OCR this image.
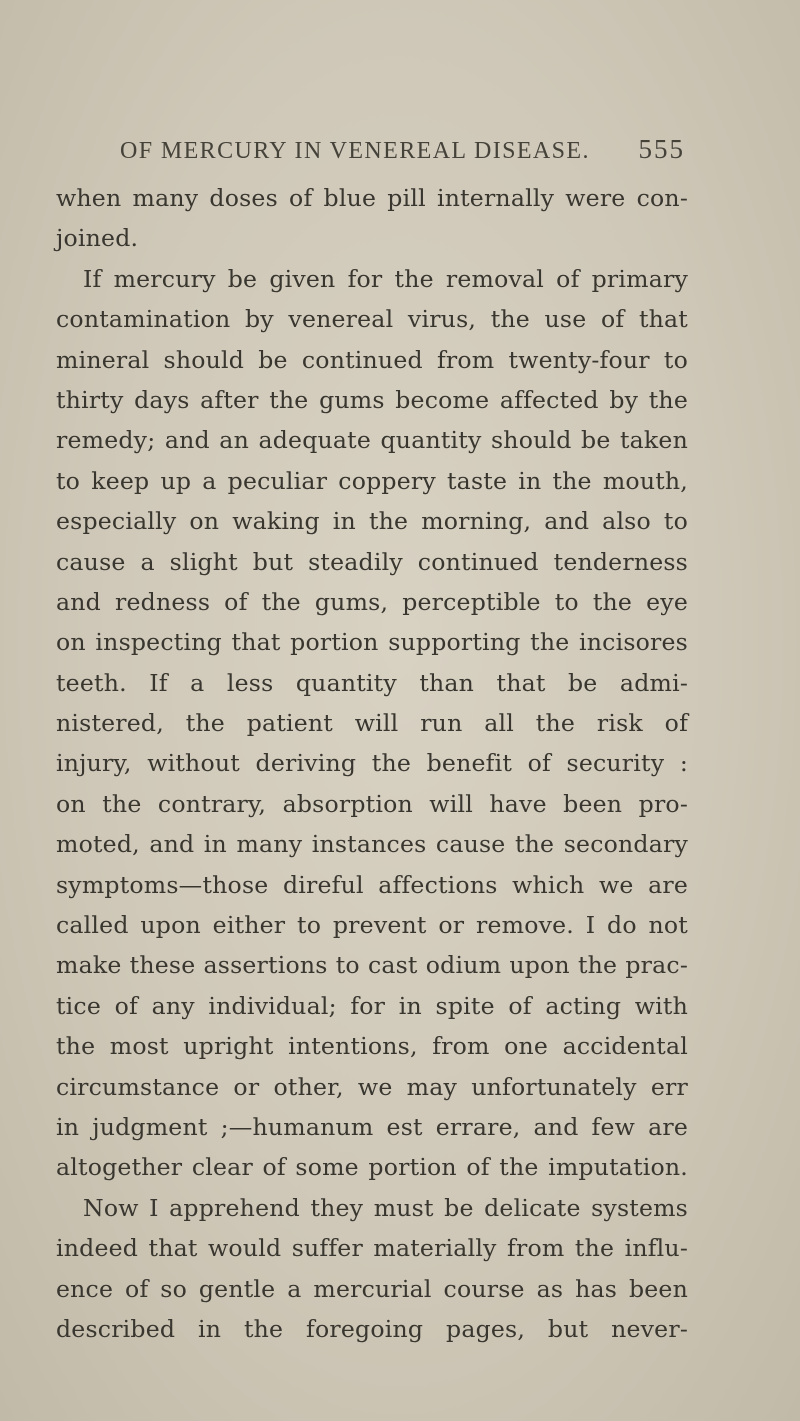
OF MERCURY IN VENEREAL DISEASE. 555
when many doses of blue pill internally were con-
joined.
If mercury be given for the removal of primary
contamination by venereal virus, the use of that
mineral should be continued from twenty-four to
thirty days after the gums become affected by the
remedy; and an adequate quantity should be taken
to keep up a peculiar coppery taste in the mouth,
especially on waking in the morning, and also to
cause a slight but steadily continued tenderness
and redness of the gums, perceptible to the eye
on inspecting that portion supporting the incisores
teeth. If a less quantity than that be admi-
nistered, the patient will run all the risk of
injury, without deriving the benefit of security :
on the contrary, absorption will have been pro-
moted, and in many instances cause the secondary
symptoms—those direful affections which we are
called upon either to prevent or remove. I do not
make these assertions to cast odium upon the prac-
tice of any individual; for in spite of acting with
the most upright intentions, from one accidental
circumstance or other, we may unfortunately err
in judgment ;—humanum est errare, and few are
altogether clear of some portion of the imputation.
Now I apprehend they must be delicate systems
indeed that would suffer materially from the influ-
ence of so gentle a mercurial course as has been
described in the foregoing pages, but never-
